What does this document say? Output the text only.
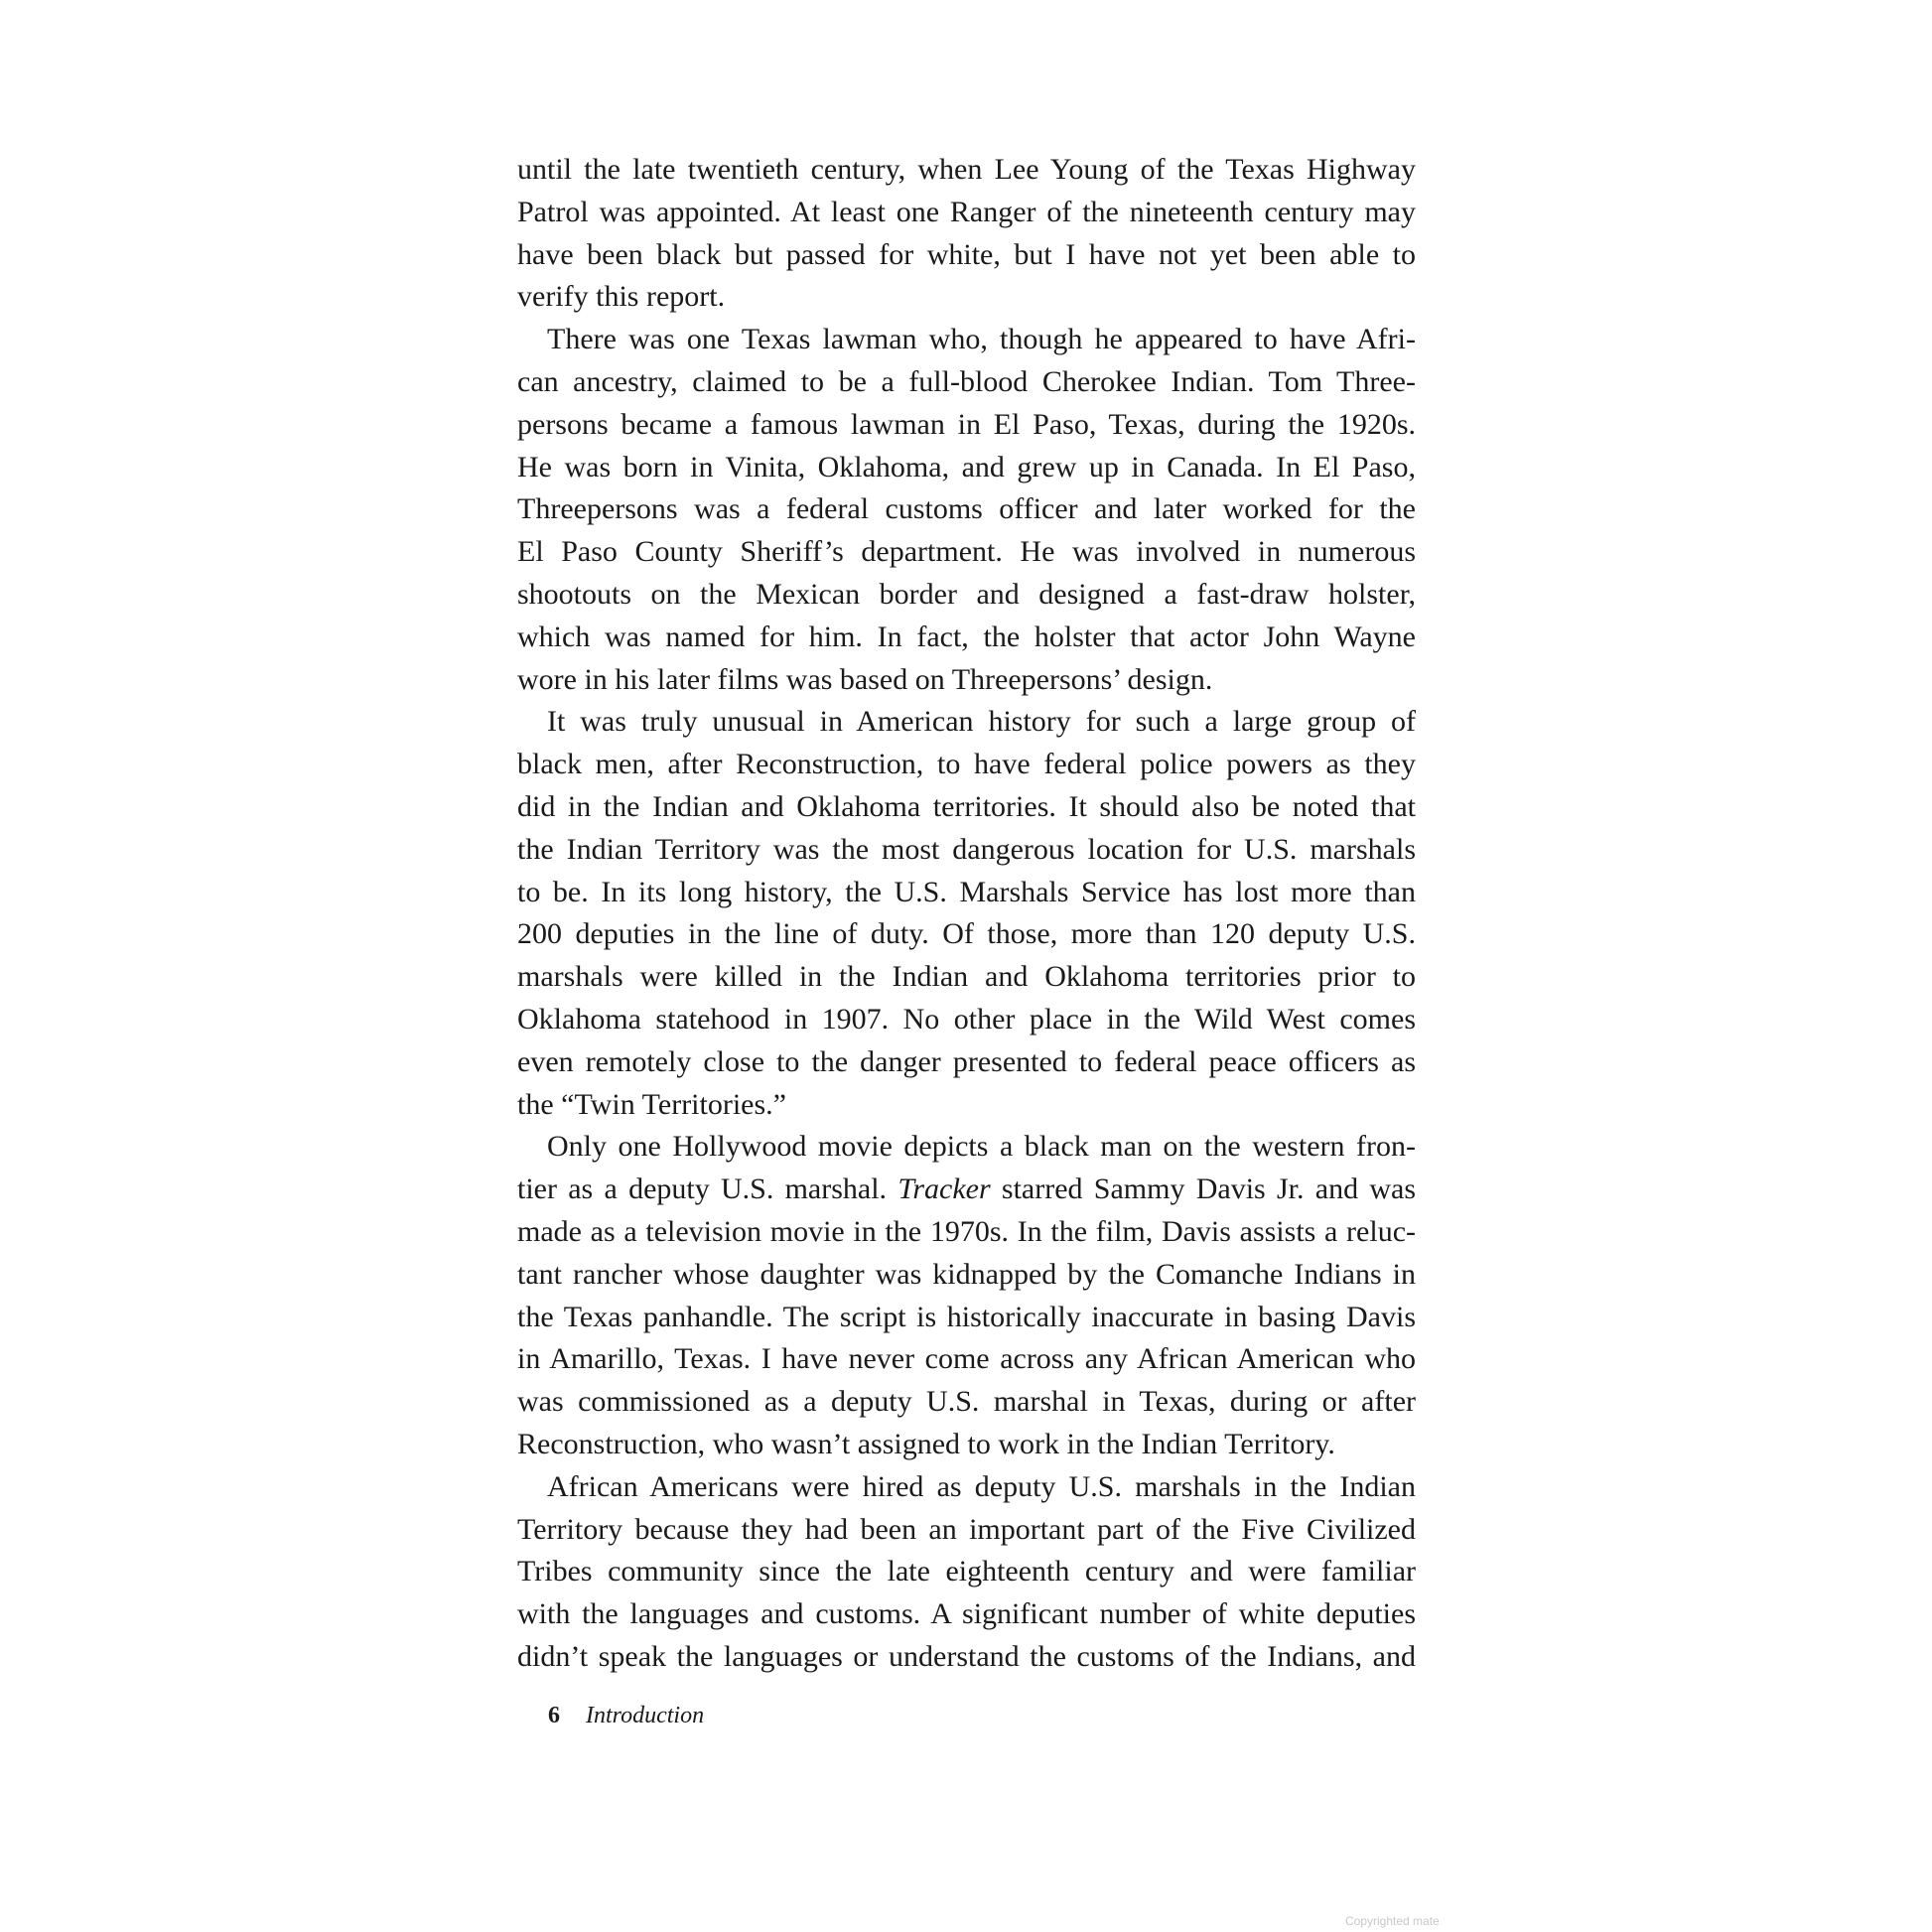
until the late twentieth century, when Lee Young of the Texas Highway
Patrol was appointed. At least one Ranger of the nineteenth century may
have been black but passed for white, but I have not yet been able to
verify this report.

There was one Texas lawman who, though he appeared to have Afri-
can ancestry, claimed to be a full-blood Cherokee Indian. Tom Three-
persons became a famous lawman in El Paso, Texas, during the 1920s.
He was born in Vinita, Oklahoma, and grew up in Canada. In El Paso,
Threepersons was a federal customs officer and later worked for the
El Paso County Sheriff’s department. He was involved in numerous
shootouts on the Mexican border and designed a fast-draw holster,
which was named for him. In fact, the holster that actor John Wayne
wore in his later films was based on Threepersons’ design.

It was truly unusual in American history for such a large group of
black men, after Reconstruction, to have federal police powers as they
did in the Indian and Oklahoma territories. It should also be noted that
the Indian Territory was the most dangerous location for U.S. marshals
to be. In its long history, the U.S. Marshals Service has lost more than
200 deputies in the line of duty. Of those, more than 120 deputy U.S.
marshals were killed in the Indian and Oklahoma territories prior to
Oklahoma statehood in 1907. No other place in the Wild West comes
even remotely close to the danger presented to federal peace officers as
the “Twin Territories.”

Only one Hollywood movie depicts a black man on the western fron-
tier as a deputy U.S. marshal. Tracker starred Sammy Davis Jr. and was
made as a television movie in the 1970s. In the film, Davis assists a reluc-
tant rancher whose daughter was kidnapped by the Comanche Indians in
the Texas panhandle. The script is historically inaccurate in basing Davis
in Amarillo, Texas. I have never come across any African American who
was commissioned as a deputy U.S. marshal in Texas, during or after
Reconstruction, who wasn’t assigned to work in the Indian Territory.

African Americans were hired as deputy U.S. marshals in the Indian
Territory because they had been an important part of the Five Civilized
Tribes community since the late eighteenth century and were familiar
with the languages and customs. A significant number of white deputies
didn’t speak the languages or understand the customs of the Indians, and

6 Introduction
Copyrighted mate
